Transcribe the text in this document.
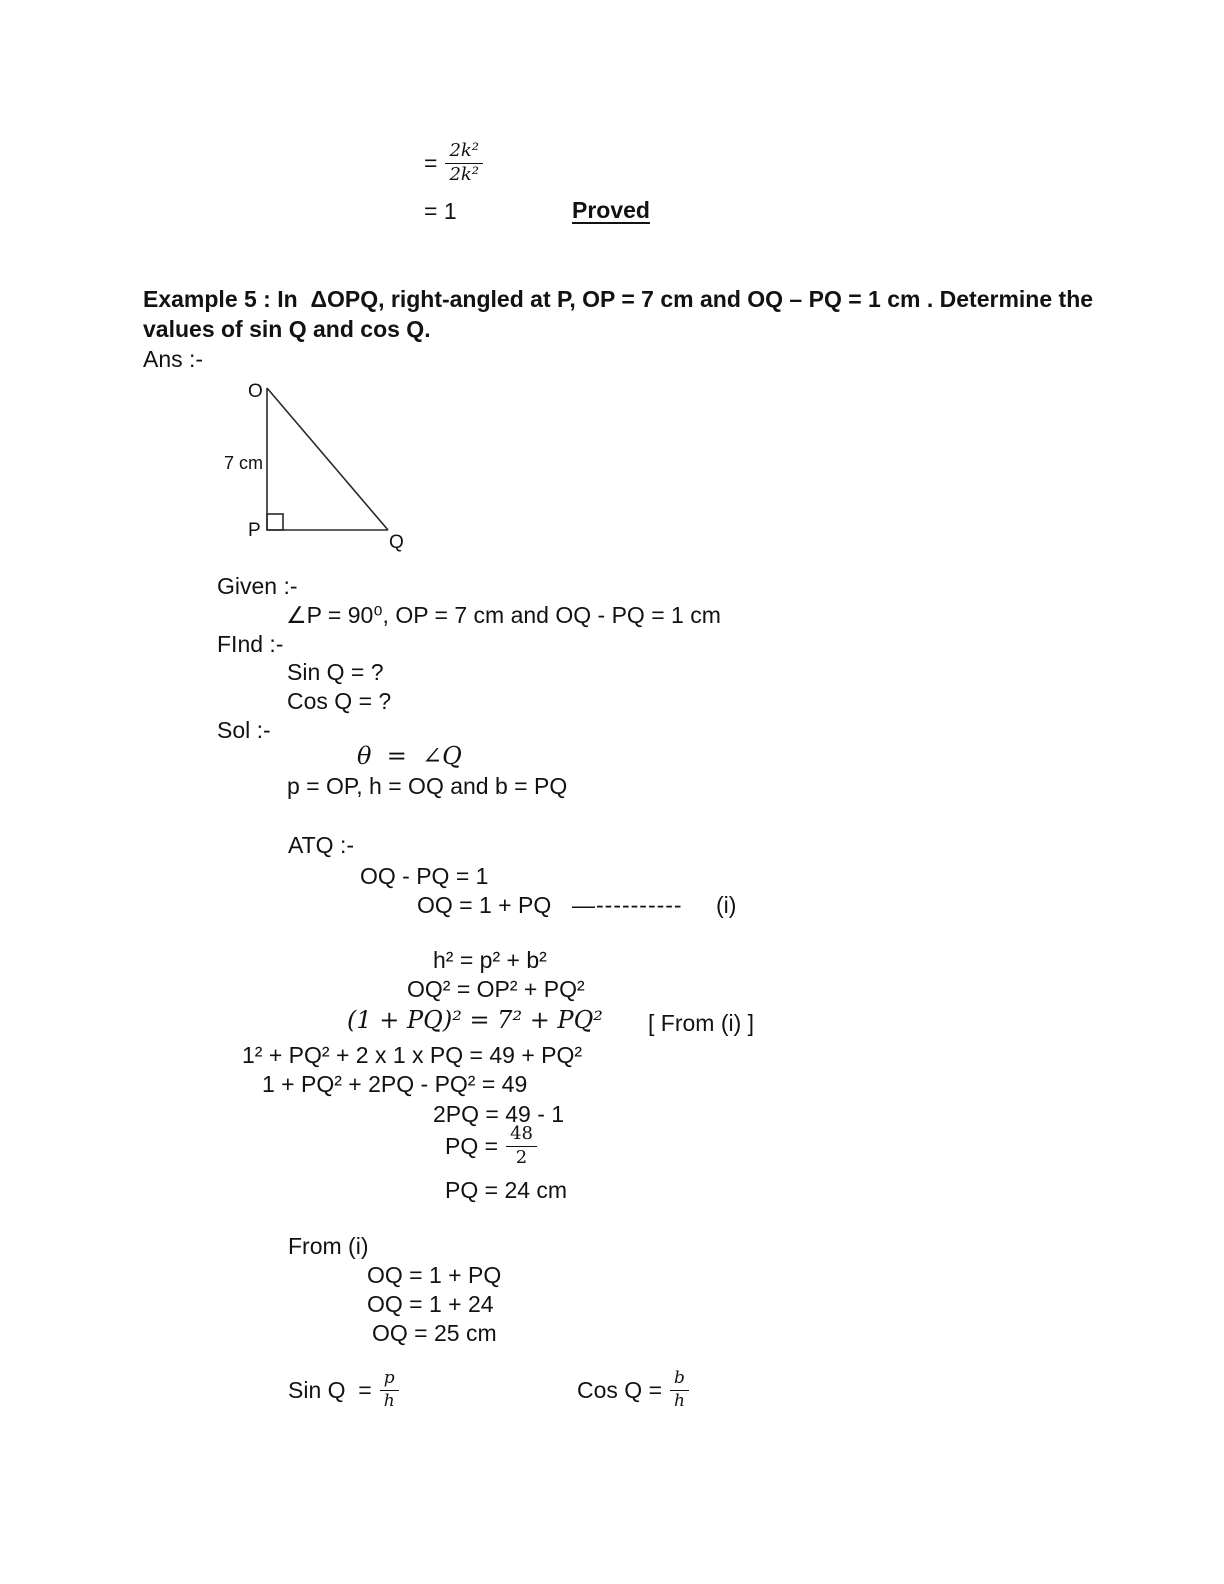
= $\frac{\text{2k²}}{\text{2k²}}$
= 1	Proved
Example 5 : In  ΔOPQ, right-angled at P, OP = 7 cm and OQ – PQ = 1 cm . Determine the
values of sin Q and cos Q.
Ans :-
O
7 cm
P
Q
Given :-
∠P = 90⁰, OP = 7 cm and OQ - PQ = 1 cm
FInd :-
Sin Q = ?
Cos Q = ?
Sol :-
θ  =  ∠Q
p = OP, h = OQ and b = PQ
ATQ :-
OQ - PQ = 1
OQ = 1 + PQ —---------- (i)
h² = p² + b²
OQ² = OP² + PQ²
(1 + PQ)² = 7² + PQ² [ From (i) ]
1² + PQ² + 2 x 1 x PQ = 49 + PQ²
1 + PQ² + 2PQ - PQ² = 49
2PQ = 49 - 1
PQ = $\frac{48}{2}$
PQ = 24 cm
From (i)
OQ = 1 + PQ
OQ = 1 + 24
OQ = 25 cm
Sin $Q = \frac{p}{h}$	Cos $Q = \frac{b}{h}$
